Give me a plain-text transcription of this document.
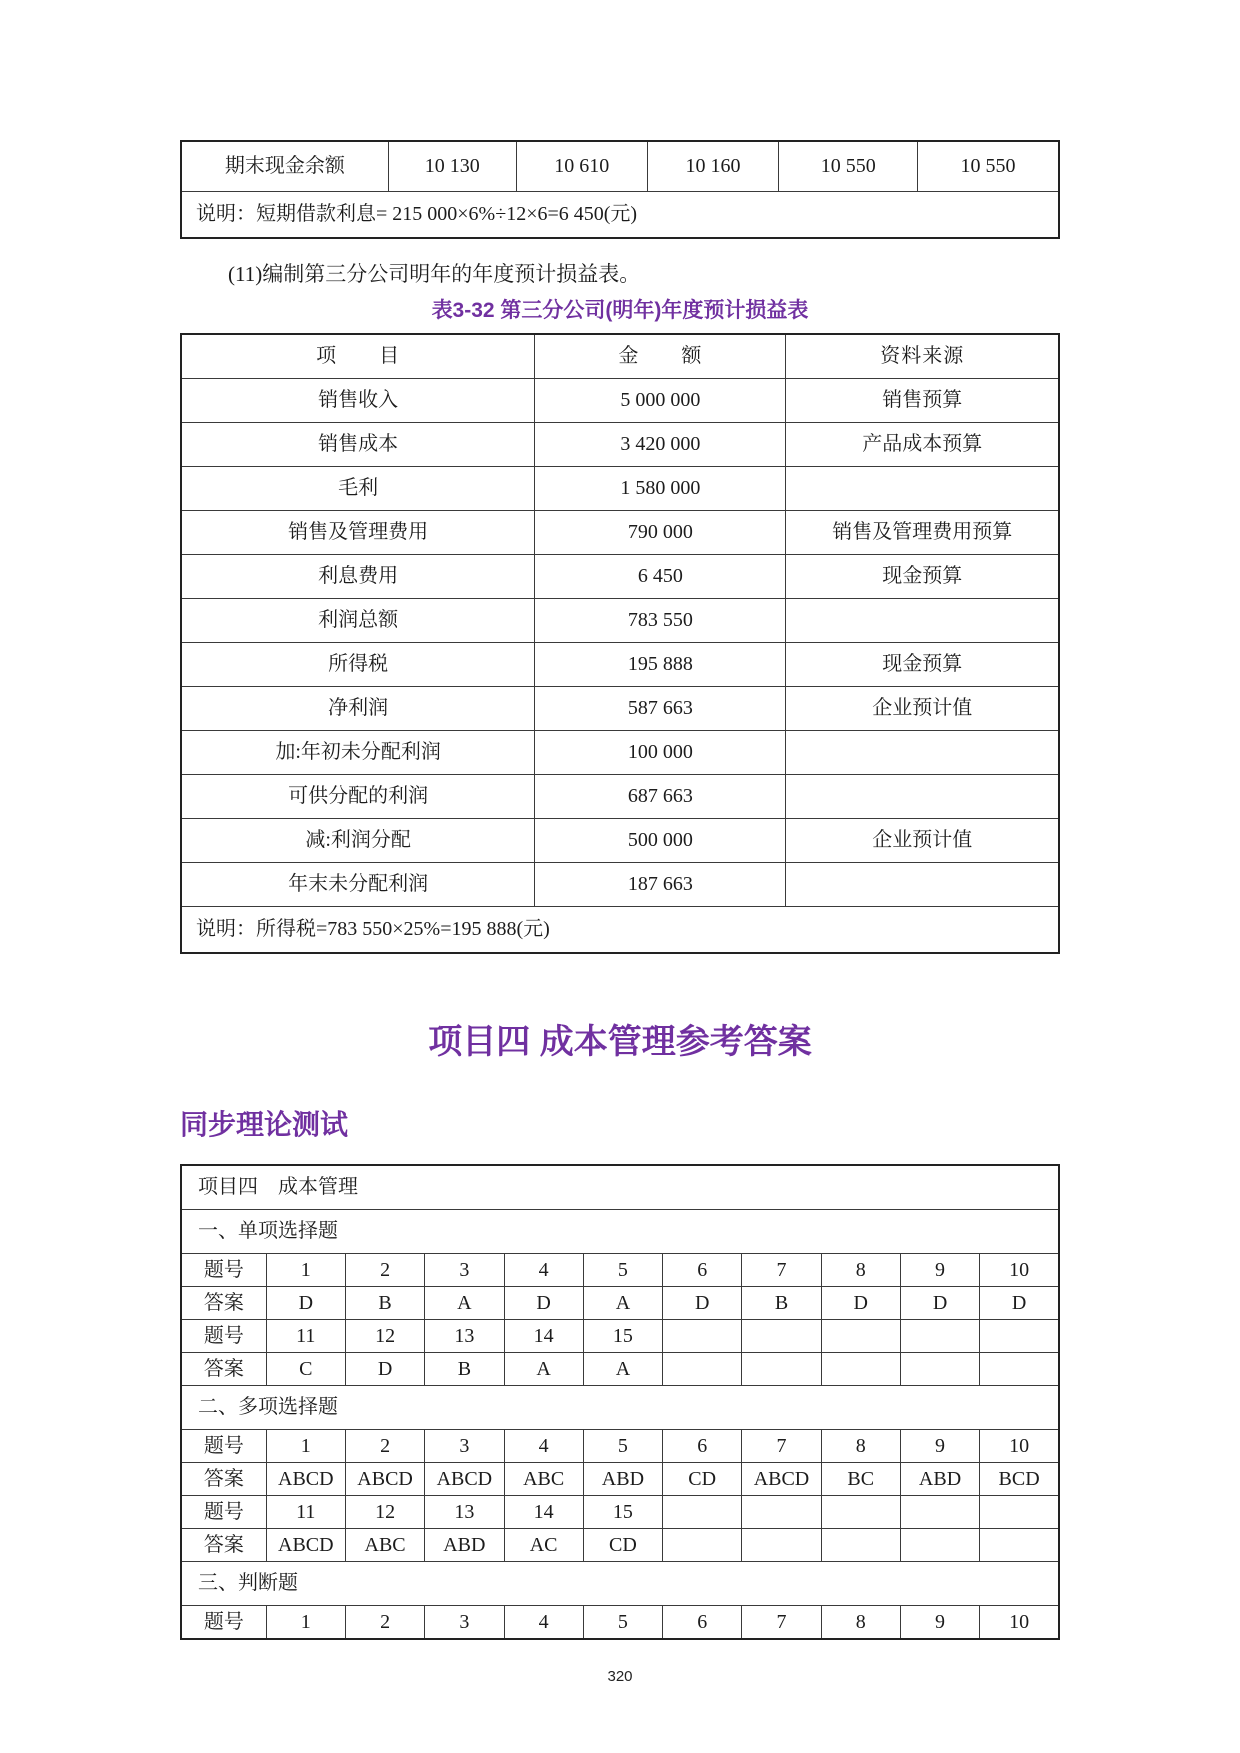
期末现金余额	10 130	10 610	10 160	10 550	10 550
说明：短期借款利息= 215 000×6%÷12×6=6 450(元)
(11)编制第三分公司明年的年度预计损益表。
表3-32 第三分公司(明年)年度预计损益表
项　　目	金　　额	资料来源
销售收入	5 000 000	销售预算
销售成本	3 420 000	产品成本预算
毛利	1 580 000	
销售及管理费用	790 000	销售及管理费用预算
利息费用	6 450	现金预算
利润总额	783 550	
所得税	195 888	现金预算
净利润	587 663	企业预计值
加:年初未分配利润	100 000	
可供分配的利润	687 663	
减:利润分配	500 000	企业预计值
年末未分配利润	187 663	
说明：所得税=783 550×25%=195 888(元)		
项目四 成本管理参考答案
同步理论测试
项目四　成本管理										
一、单项选择题										
题号	1	2	3	4	5	6	7	8	9	10
答案	D	B	A	D	A	D	B	D	D	D
题号	11	12	13	14	15					
答案	C	D	B	A	A					
二、多项选择题										
题号	1	2	3	4	5	6	7	8	9	10
答案	ABCD	ABCD	ABCD	ABC	ABD	CD	ABCD	BC	ABD	BCD
题号	11	12	13	14	15					
答案	ABCD	ABC	ABD	AC	CD					
三、判断题										
题号	1	2	3	4	5	6	7	8	9	10
320
